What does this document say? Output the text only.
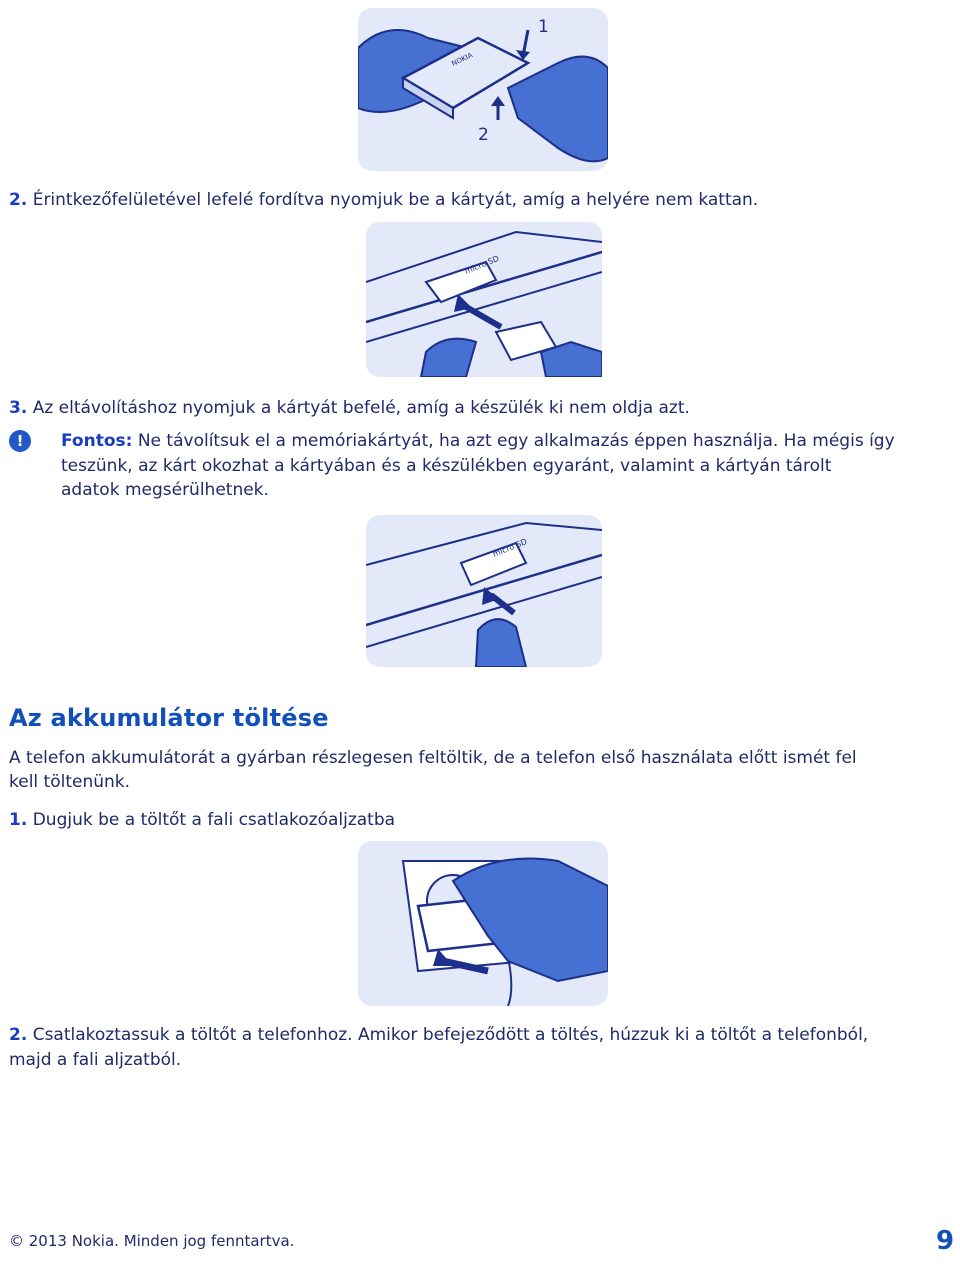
NOKIA
1
2
2. Érintkezőfelületével lefelé fordítva nyomjuk be a kártyát, amíg a helyére nem kattan.
micro SD
3. Az eltávolításhoz nyomjuk a kártyát befelé, amíg a készülék ki nem oldja azt.
!	Fontos: Ne távolítsuk el a memóriakártyát, ha azt egy alkalmazás éppen használja. Ha mégis így
teszünk, az kárt okozhat a kártyában és a készülékben egyaránt, valamint a kártyán tárolt
adatok megsérülhetnek.
micro SD
Az akkumulátor töltése
A telefon akkumulátorát a gyárban részlegesen feltöltik, de a telefon első használata előtt ismét fel
kell töltenünk.
1. Dugjuk be a töltőt a fali csatlakozóaljzatba
2. Csatlakoztassuk a töltőt a telefonhoz. Amikor befejeződött a töltés, húzzuk ki a töltőt a telefonból,
majd a fali aljzatból.
© 2013 Nokia. Minden jog fenntartva.	9
